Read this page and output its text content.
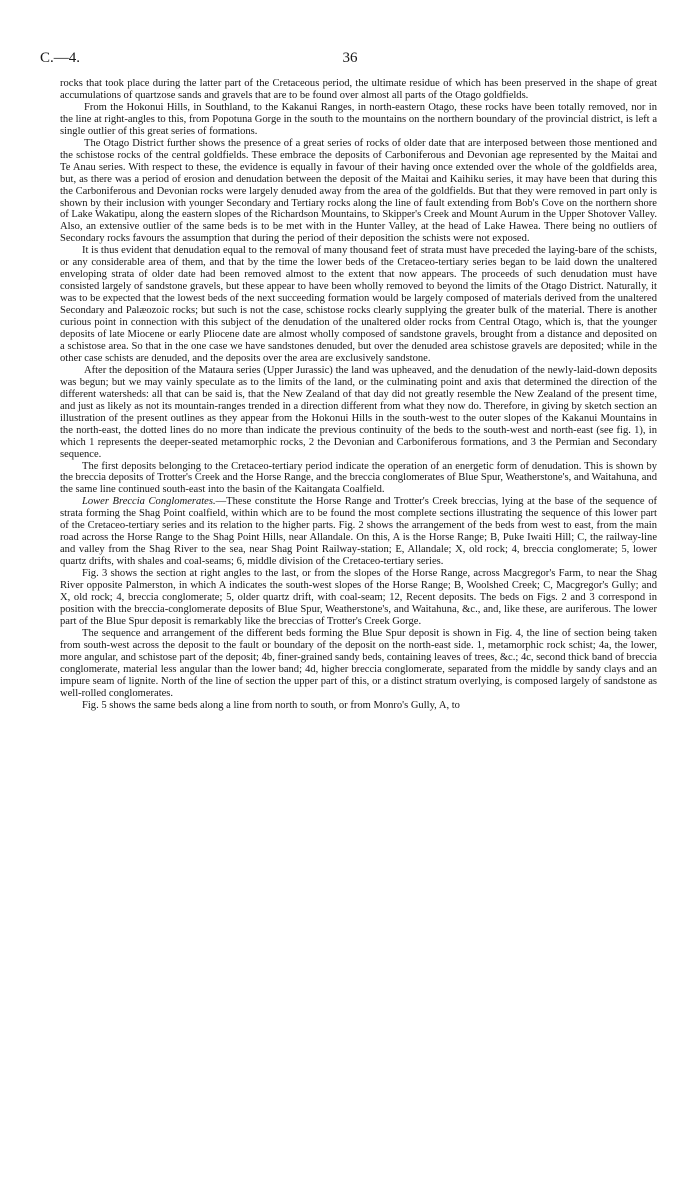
C.—4.	36

rocks that took place during the latter part of the Cretaceous period, the ultimate residue of which has been preserved in the shape of great accumulations of quartzose sands and gravels that are to be found over almost all parts of the Otago goldfields.

From the Hokonui Hills, in Southland, to the Kakanui Ranges, in north-eastern Otago, these rocks have been totally removed, nor in the line at right-angles to this, from Popotuna Gorge in the south to the mountains on the northern boundary of the provincial district, is left a single outlier of this great series of formations.

The Otago District further shows the presence of a great series of rocks of older date that are interposed between those mentioned and the schistose rocks of the central goldfields. These embrace the deposits of Carboniferous and Devonian age represented by the Maitai and Te Anau series. With respect to these, the evidence is equally in favour of their having once extended over the whole of the goldfields area, but, as there was a period of erosion and denudation between the deposit of the Maitai and Kaihiku series, it may have been that during this the Carboniferous and Devonian rocks were largely denuded away from the area of the goldfields. But that they were removed in part only is shown by their inclusion with younger Secondary and Tertiary rocks along the line of fault extending from Bob's Cove on the northern shore of Lake Wakatipu, along the eastern slopes of the Richardson Mountains, to Skipper's Creek and Mount Aurum in the Upper Shotover Valley. Also, an extensive outlier of the same beds is to be met with in the Hunter Valley, at the head of Lake Hawea. There being no outliers of Secondary rocks favours the assumption that during the period of their deposition the schists were not exposed.

It is thus evident that denudation equal to the removal of many thousand feet of strata must have preceded the laying-bare of the schists, or any considerable area of them, and that by the time the lower beds of the Cretaceo-tertiary series began to be laid down the unaltered enveloping strata of older date had been removed almost to the extent that now appears. The proceeds of such denudation must have consisted largely of sandstone gravels, but these appear to have been wholly removed to beyond the limits of the Otago District. Naturally, it was to be expected that the lowest beds of the next succeeding formation would be largely composed of materials derived from the unaltered Secondary and Palæozoic rocks; but such is not the case, schistose rocks clearly supplying the greater bulk of the material. There is another curious point in connection with this subject of the denudation of the unaltered older rocks from Central Otago, which is, that the younger deposits of late Miocene or early Pliocene date are almost wholly composed of sandstone gravels, brought from a distance and deposited on a schistose area. So that in the one case we have sandstones denuded, but over the denuded area schistose gravels are deposited; while in the other case schists are denuded, and the deposits over the area are exclusively sandstone.

After the deposition of the Mataura series (Upper Jurassic) the land was upheaved, and the denudation of the newly-laid-down deposits was begun; but we may vainly speculate as to the limits of the land, or the culminating point and axis that determined the direction of the different watersheds: all that can be said is, that the New Zealand of that day did not greatly resemble the New Zealand of the present time, and just as likely as not its mountain-ranges trended in a direction different from what they now do. Therefore, in giving by sketch section an illustration of the present outlines as they appear from the Hokonui Hills in the south-west to the outer slopes of the Kakanui Mountains in the north-east, the dotted lines do no more than indicate the previous continuity of the beds to the south-west and north-east (see fig. 1), in which 1 represents the deeper-seated metamorphic rocks, 2 the Devonian and Carboniferous formations, and 3 the Permian and Secondary sequence.

The first deposits belonging to the Cretaceo-tertiary period indicate the operation of an energetic form of denudation. This is shown by the breccia deposits of Trotter's Creek and the Horse Range, and the breccia conglomerates of Blue Spur, Weatherstone's, and Waitahuna, and the same line continued south-east into the basin of the Kaitangata Coalfield.

Lower Breccia Conglomerates.—These constitute the Horse Range and Trotter's Creek breccias, lying at the base of the sequence of strata forming the Shag Point coalfield, within which are to be found the most complete sections illustrating the sequence of this lower part of the Cretaceo-tertiary series and its relation to the higher parts. Fig. 2 shows the arrangement of the beds from west to east, from the main road across the Horse Range to the Shag Point Hills, near Allandale. On this, A is the Horse Range; B, Puke Iwaiti Hill; C, the railway-line and valley from the Shag River to the sea, near Shag Point Railway-station; E, Allandale; X, old rock; 4, breccia conglomerate; 5, lower quartz drifts, with shales and coal-seams; 6, middle division of the Cretaceo-tertiary series.

Fig. 3 shows the section at right angles to the last, or from the slopes of the Horse Range, across Macgregor's Farm, to near the Shag River opposite Palmerston, in which A indicates the south-west slopes of the Horse Range; B, Woolshed Creek; C, Macgregor's Gully; and X, old rock; 4, breccia conglomerate; 5, older quartz drift, with coal-seam; 12, Recent deposits. The beds on Figs. 2 and 3 correspond in position with the breccia-conglomerate deposits of Blue Spur, Weatherstone's, and Waitahuna, &c., and, like these, are auriferous. The lower part of the Blue Spur deposit is remarkably like the breccias of Trotter's Creek Gorge.

The sequence and arrangement of the different beds forming the Blue Spur deposit is shown in Fig. 4, the line of section being taken from south-west across the deposit to the fault or boundary of the deposit on the north-east side. 1, metamorphic rock schist; 4a, the lower, more angular, and schistose part of the deposit; 4b, finer-grained sandy beds, containing leaves of trees, &c.; 4c, second thick band of breccia conglomerate, material less angular than the lower band; 4d, higher breccia conglomerate, separated from the middle by sandy clays and an impure seam of lignite. North of the line of section the upper part of this, or a distinct stratum overlying, is composed largely of sandstone as well-rolled conglomerates.

Fig. 5 shows the same beds along a line from north to south, or from Monro's Gully, A, to
